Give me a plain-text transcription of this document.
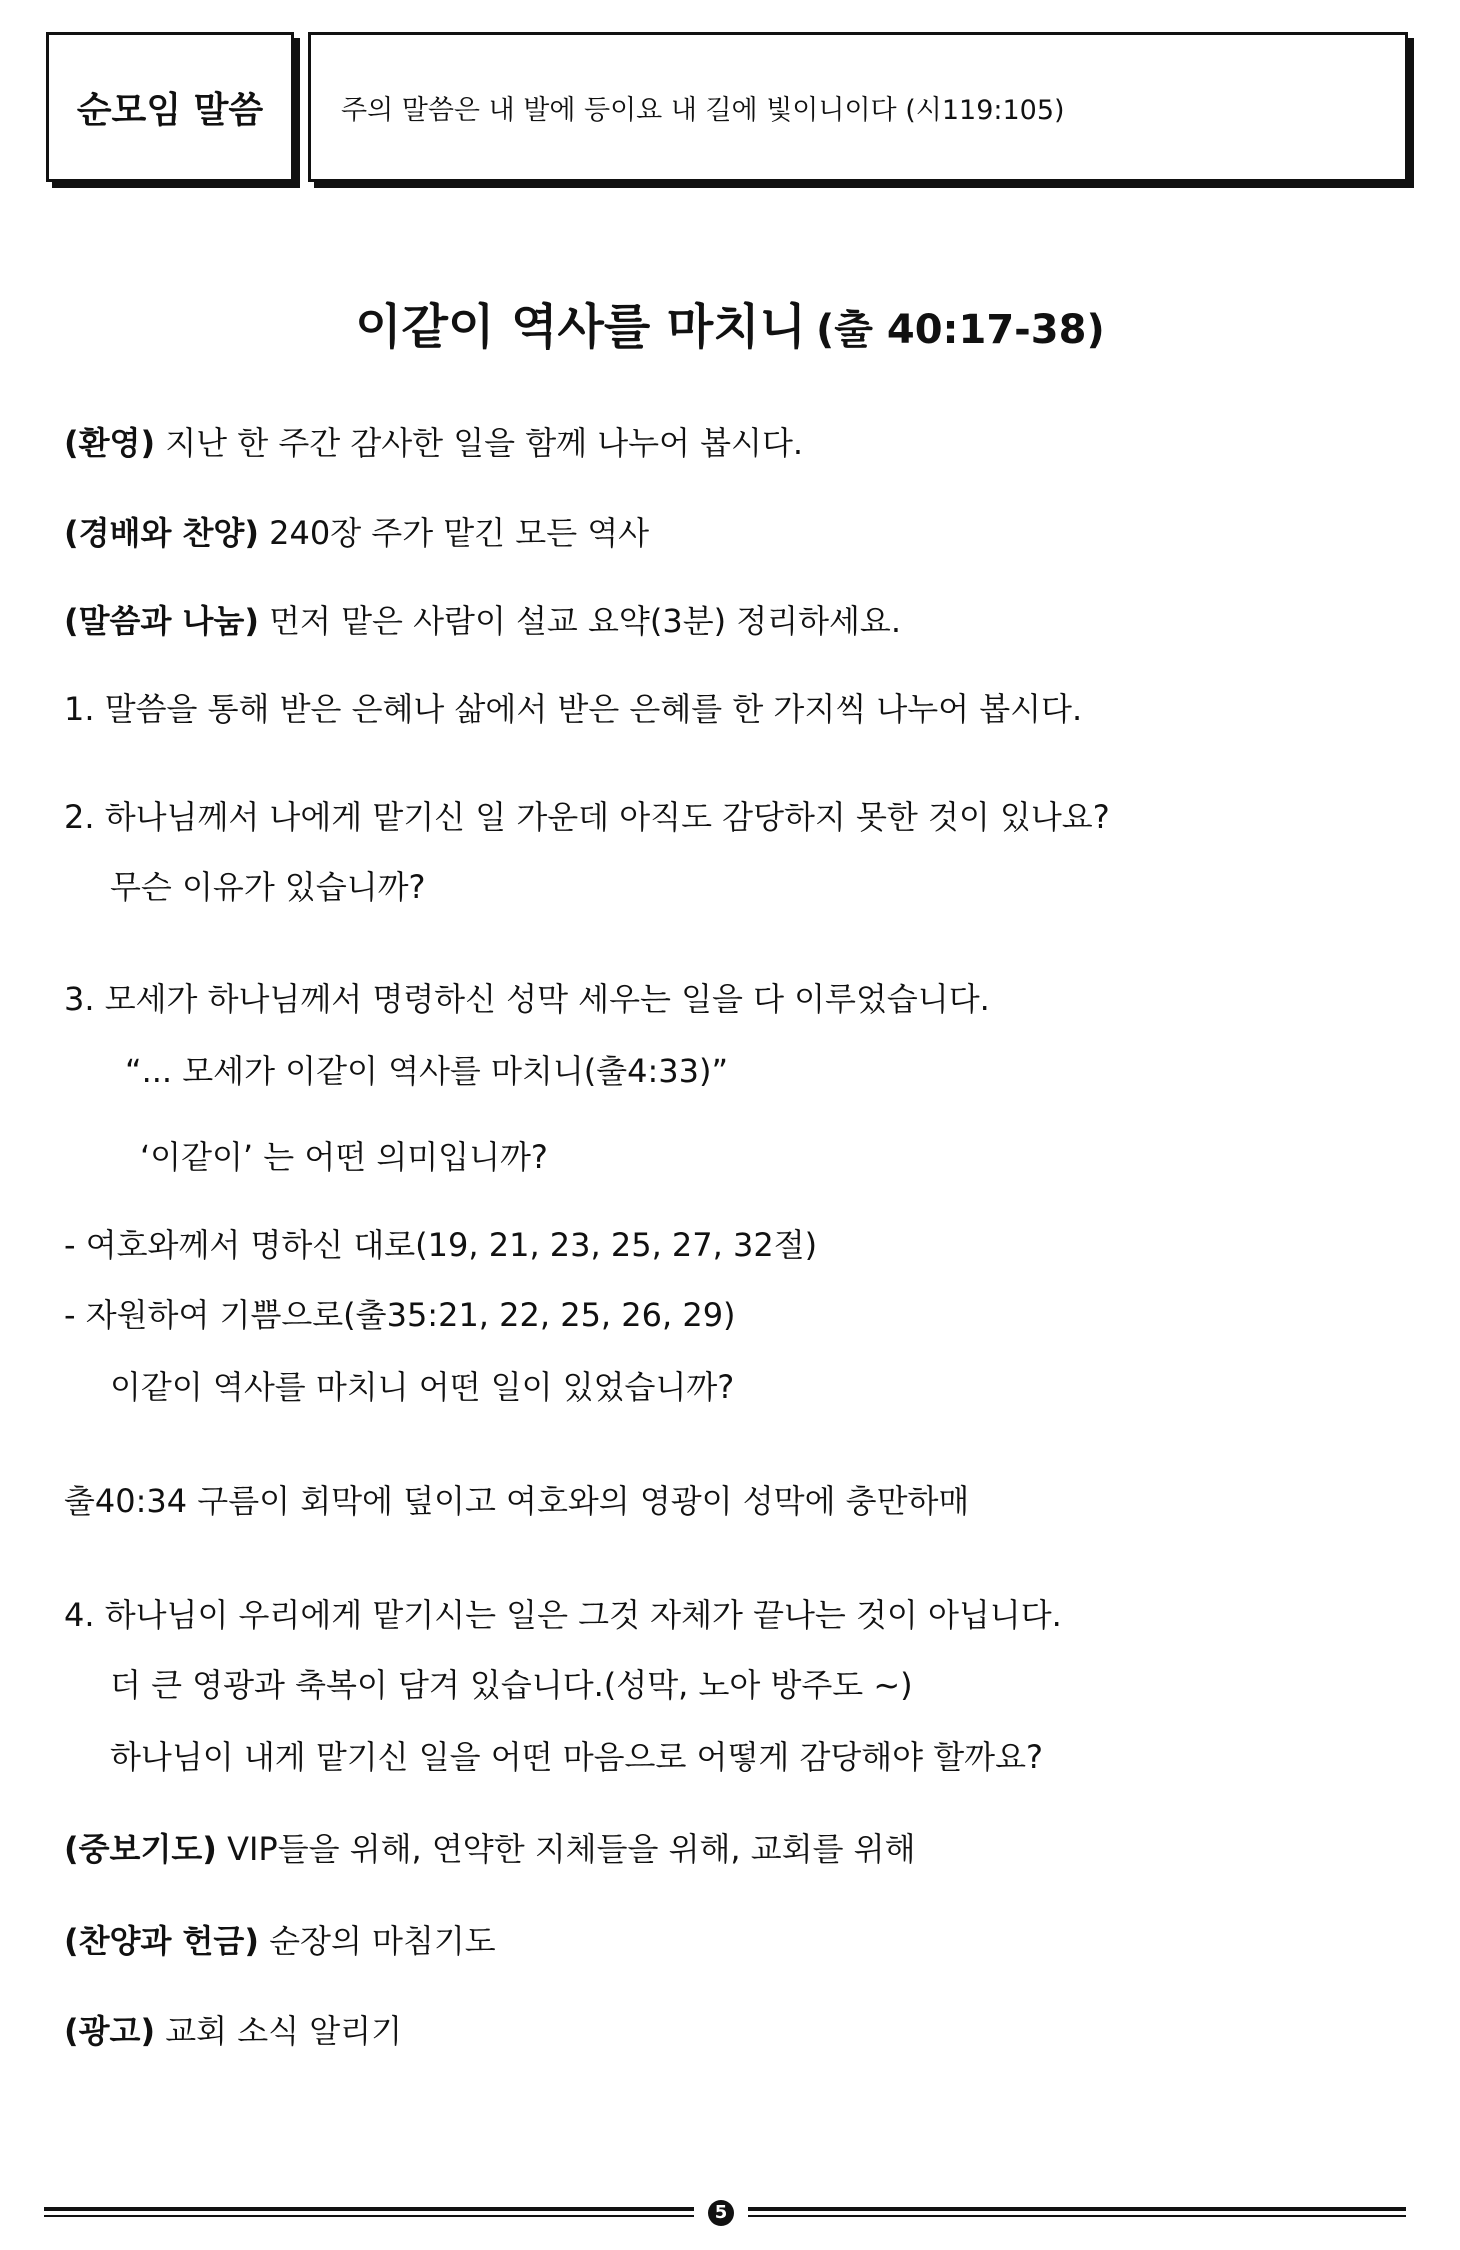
순모임 말씀	주의 말씀은 내 발에 등이요 내 길에 빛이니이다 (시119:105)
이같이 역사를 마치니 (출 40:17-38)
(환영) 지난 한 주간 감사한 일을 함께 나누어 봅시다.
(경배와 찬양) 240장 주가 맡긴 모든 역사
(말씀과 나눔) 먼저 맡은 사람이 설교 요약(3분) 정리하세요.
1. 말씀을 통해 받은 은혜나 삶에서 받은 은혜를 한 가지씩 나누어 봅시다.
2. 하나님께서 나에게 맡기신 일 가운데 아직도 감당하지 못한 것이 있나요?
무슨 이유가 있습니까?
3. 모세가 하나님께서 명령하신 성막 세우는 일을 다 이루었습니다.
“... 모세가 이같이 역사를 마치니(출4:33)”
‘이같이’ 는 어떤 의미입니까?
- 여호와께서 명하신 대로(19, 21, 23, 25, 27, 32절)
- 자원하여 기쁨으로(출35:21, 22, 25, 26, 29)
이같이 역사를 마치니 어떤 일이 있었습니까?
출40:34 구름이 회막에 덮이고 여호와의 영광이 성막에 충만하매
4. 하나님이 우리에게 맡기시는 일은 그것 자체가 끝나는 것이 아닙니다.
더 큰 영광과 축복이 담겨 있습니다.(성막, 노아 방주도 ~)
하나님이 내게 맡기신 일을 어떤 마음으로 어떻게 감당해야 할까요?
(중보기도) VIP들을 위해, 연약한 지체들을 위해, 교회를 위해
(찬양과 헌금) 순장의 마침기도
(광고) 교회 소식 알리기
5
